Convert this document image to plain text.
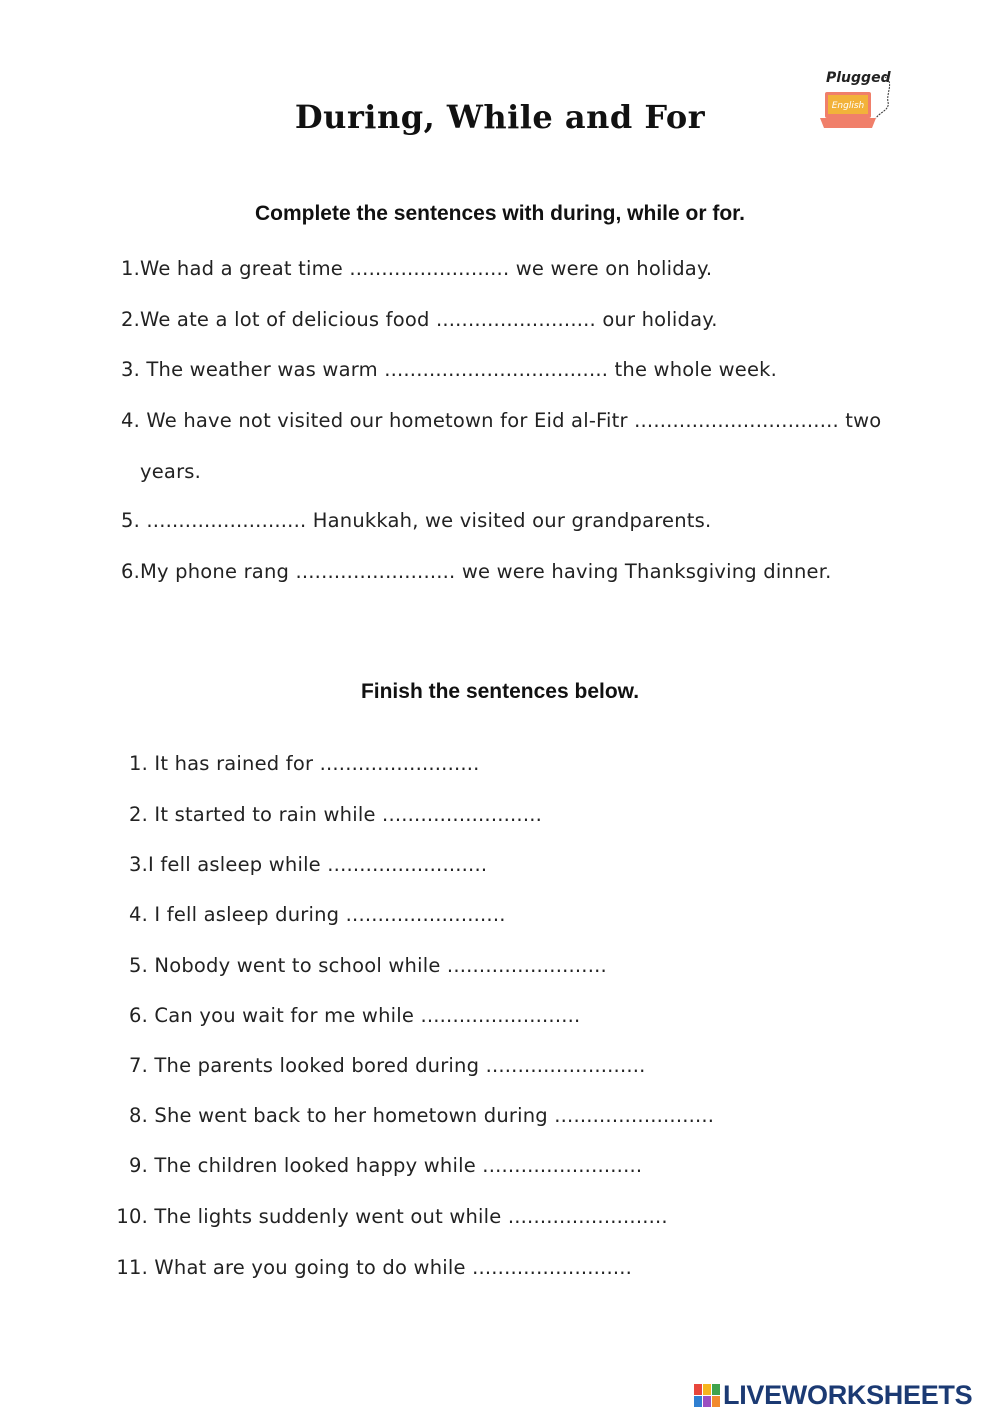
During, While and For
Plugged
English
Complete the sentences with during, while or for.
1.We had a great time ......................... we were on holiday.
2.We ate a lot of delicious food ......................... our holiday.
3. The weather was warm ................................... the whole week.
4. We have not visited our hometown for Eid al-Fitr ................................ two
years.
5. ......................... Hanukkah, we visited our grandparents.
6.My phone rang ......................... we were having Thanksgiving dinner.
Finish the sentences below.
1. It has rained for .........................
2. It started to rain while .........................
3.I fell asleep while .........................
4. I fell asleep during .........................
5. Nobody went to school while .........................
6. Can you wait for me while .........................
7. The parents looked bored during .........................
8. She went back to her hometown during .........................
9. The children looked happy while .........................
10. The lights suddenly went out while .........................
11. What are you going to do while .........................
LIVEWORKSHEETS
